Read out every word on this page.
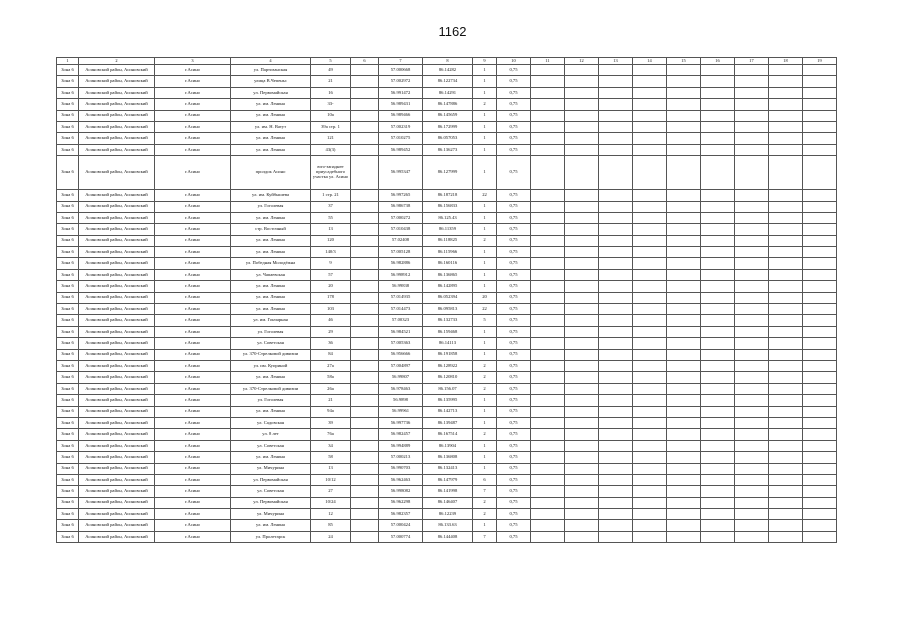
1162
1	2	3	4	5	6	7	8	9	10	11	12	13	14	15	16	17	18	19
Зона 6	Асиновский район, Асиновский	г.Асино	ул. Партизанская	49		57.000668	86.14282	1	0,75									
Зона 6	Асиновский район, Асиновский	г.Асино	улица В.Чепеньс	21		57.002972	86.122734	1	0,75									
Зона 6	Асиновский район, Асиновский	г.Асино	ул. Первомайская	16		56.991472	86.14291	1	0,75									
Зона 6	Асиновский район, Асиновский	г.Асино	ул. им. Ленина	33-		56.989431	86.147886	2	0,75									
Зона 6	Асиновский район, Асиновский	г.Асино	ул. им. Ленина	10а		56.989466	86.145659	1	0,75									
Зона 6	Асиновский район, Асиновский	г.Асино	ул. им. Н. Ватут	39а стр. 1		57.002319	86.172999	1	0,75									
Зона 6	Асиновский район, Асиновский	г.Асино	ул. им. Ленина	121		57.010275	86.057053	1	0,75									
Зона 6	Асиновский район, Асиновский	г.Асино	ул. им. Ленина	43(3)		56.989452	86.136273	1	0,75									
Зона 6	Асиновский район, Асиновский	г.Асино	пролдок Асино	юго-западнее приусадебного участка ул. Асино		56.995347	86.127999	1	0,75									
Зона 6	Асиновский район, Асиновский	г.Асино	ул. им. Куйбышева	1 стр. 21		56.997265	86.187218	22	0,75									
Зона 6	Асиновский район, Асиновский	г.Асино	ул. Гоголевая	37		56.986738	86.156833	1	0,75									
Зона 6	Асиновский район, Асиновский	г.Асино	ул. им. Ленина	55		57.000272	86.125.43	1	0,75									
Зона 6	Асиновский район, Асиновский	г.Асино	стр. Восточный	13		57.010438	86.11359	1	0,75									
Зона 6	Асиновский район, Асиновский	г.Асино	ул. им. Ленина	120		57.02408	86.118825	2	0,75									
Зона 6	Асиновский район, Асиновский	г.Асино	ул. им. Ленина	140/3		57.005128	86.115966	1	0,75									
Зона 6	Асиновский район, Асиновский	г.Асино	ул. Победная Молодёжна	9		56.982886	86.160116	1	0,75									
Зона 6	Асиновский район, Асиновский	г.Асино	ул. Чапаевская	57		56.998912	86.136865	1	0,75									
Зона 6	Асиновский район, Асиновский	г.Асино	ул. им. Ленина	20		56.99838	86.142895	1	0,75									
Зона 6	Асиновский район, Асиновский	г.Асино	ул. им. Ленина	178		57.014935	86.052394	20	0,75									
Зона 6	Асиновский район, Асиновский	г.Асино	ул. им. Ленина	103		57.014473	86.095813	22	0,75									
Зона 6	Асиновский район, Асиновский	г.Асино	ул. им. Гончарная	46		57.00323	86.132733	5	0,75									
Зона 6	Асиновский район, Асиновский	г.Асино	ул. Гоголевая	29		56.984521	86.159468	1	0,75									
Зона 6	Асиновский район, Асиновский	г.Асино	ул. Советская	36		57.005363	86.14113	1	0,75									
Зона 6	Асиновский район, Асиновский	г.Асино	ул. 370-Стрелковой дивизии	84		56.956666	86.191858	1	0,75									
Зона 6	Асиновский район, Асиновский	г.Асино	ул. им. Куприной	27а		57.004897	86.128922	2	0,75									
Зона 6	Асиновский район, Асиновский	г.Асино	ул. им. Ленина	58а		56.99807	86.120810	2	0,75									
Зона 6	Асиновский район, Асиновский	г.Асино	ул. 370-Стрелковой дивизии	26а		56.978463	86.156.07	2	0,75									
Зона 6	Асиновский район, Асиновский	г.Асино	ул. Гоголевая	21		56.9898	86.135995	1	0,75									
Зона 6	Асиновский район, Асиновский	г.Асино	ул. им. Ленина	94а		56.99961	86.142713	1	0,75									
Зона 6	Асиновский район, Асиновский	г.Асино	ул. Садовская	39		56.997736	86.139487	1	0,75									
Зона 6	Асиновский район, Асиновский	г.Асино	ул. 8 лет	76а		56.982457	86.167514	2	0,75									
Зона 6	Асиновский район, Асиновский	г.Асино	ул. Советская	34		56.994889	86.13904	1	0,75									
Зона 6	Асиновский район, Асиновский	г.Асино	ул. им. Ленина	58		57.000213	86.136808	1	0,75									
Зона 6	Асиновский район, Асиновский	г.Асино	ул. Мичурина	13		56.990703	86.132413	1	0,75									
Зона 6	Асиновский район, Асиновский	г.Асино	ул. Первомайская	10/12		56.962463	86.147979	6	0,75									
Зона 6	Асиновский район, Асиновский	г.Асино	ул. Советская	27		56.998082	86.141998	7	0,75									
Зона 6	Асиновский район, Асиновский	г.Асино	ул. Первомайская	10/24		56.962298	86.146407	2	0,75									
Зона 6	Асиновский район, Асиновский	г.Асино	ул. Мичурина	12		56.982357	86.12239	2	0,75									
Зона 6	Асиновский район, Асиновский	г.Асино	ул. им. Ленина	85		57.000424	86.133.63	1	0,75									
Зона 6	Асиновский район, Асиновский	г.Асино	ул. Пролетарск	24		57.000774	86.144408	7	0,75									
